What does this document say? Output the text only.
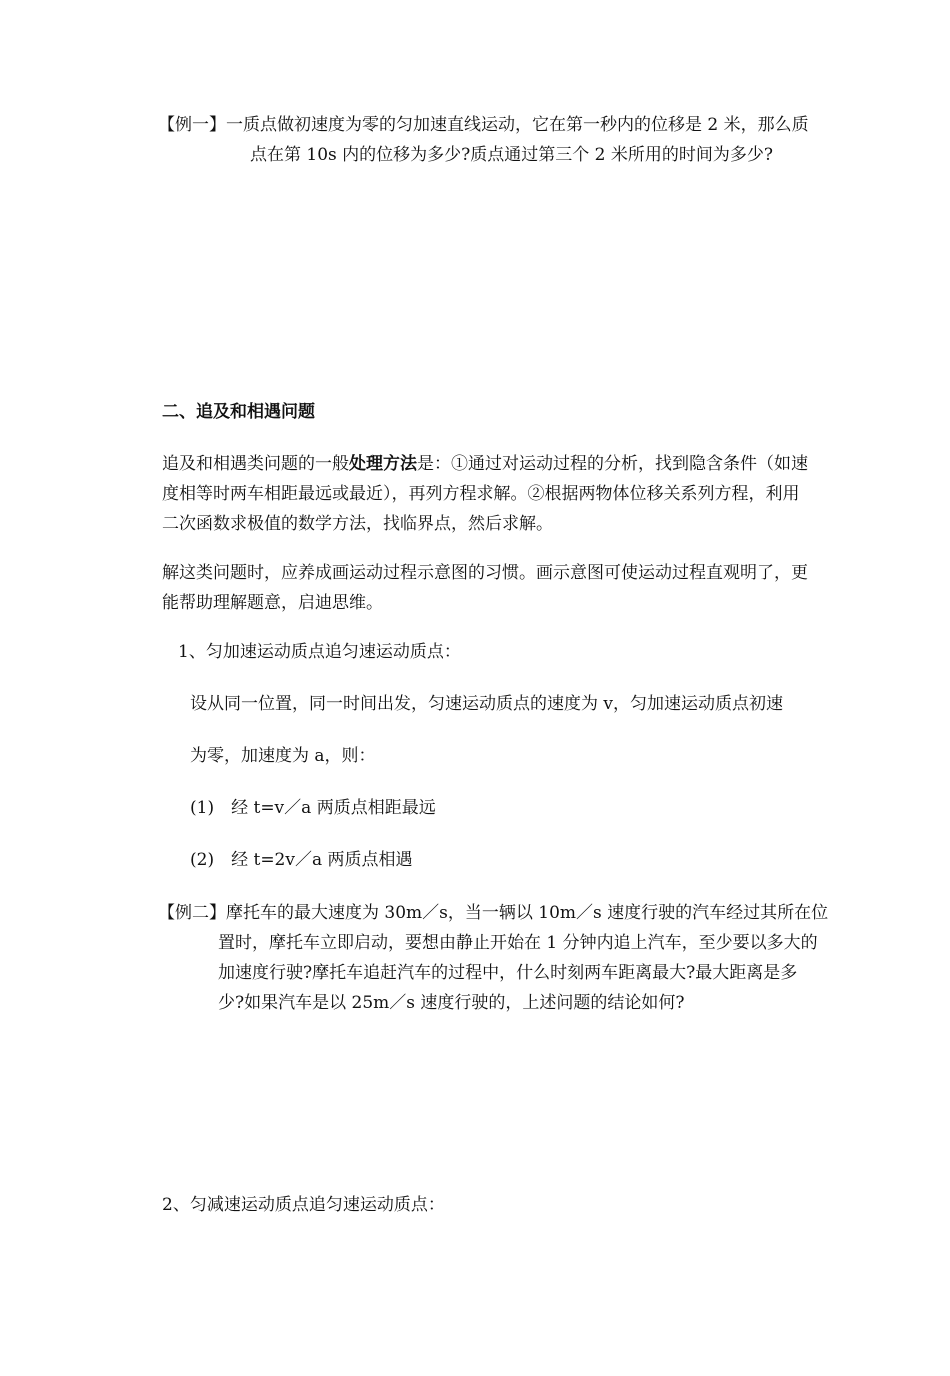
【例一】一质点做初速度为零的匀加速直线运动，它在第一秒内的位移是 2 米，那么质

点在第 10s 内的位移为多少?质点通过第三个 2 米所用的时间为多少?
二、追及和相遇问题
追及和相遇类问题的一般处理方法是：①通过对运动过程的分析，找到隐含条件（如速
度相等时两车相距最远或最近），再列方程求解。②根据两物体位移关系列方程，利用
二次函数求极值的数学方法，找临界点，然后求解。
解这类问题时，应养成画运动过程示意图的习惯。画示意图可使运动过程直观明了，更
能帮助理解题意，启迪思维。
1、匀加速运动质点追匀速运动质点：
设从同一位置，同一时间出发，匀速运动质点的速度为 v，匀加速运动质点初速
为零，加速度为 a，则：
(1)　经 t=v／a 两质点相距最远
(2)　经 t=2v／a 两质点相遇
【例二】摩托车的最大速度为 30m／s，当一辆以 10m／s 速度行驶的汽车经过其所在位

置时，摩托车立即启动，要想由静止开始在 1 分钟内追上汽车，至少要以多大的
加速度行驶?摩托车追赶汽车的过程中，什么时刻两车距离最大?最大距离是多
少?如果汽车是以 25m／s 速度行驶的，上述问题的结论如何?
2、匀减速运动质点追匀速运动质点：
